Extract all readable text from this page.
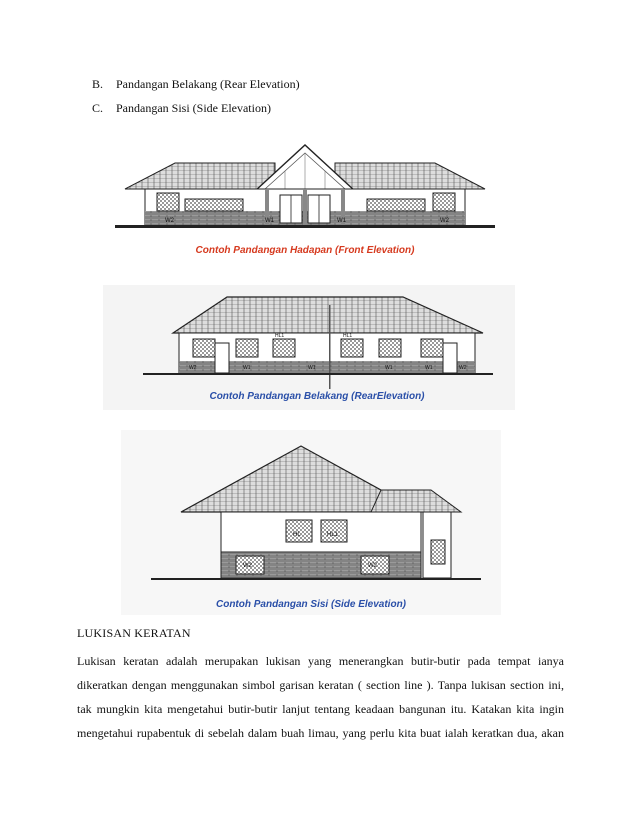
B. Pandangan Belakang (Rear Elevation)
C. Pandangan Sisi (Side Elevation)
W2	W1	W1	W2
Contoh Pandangan Hadapan (Front Elevation)
HL1	HL1
W2	W1	W1	W1	W1	W2
Contoh Pandangan Belakang (RearElevation)
HL	HL1
W2	W2
Contoh Pandangan Sisi (Side Elevation)
LUKISAN KERATAN
Lukisan keratan adalah merupakan lukisan yang menerangkan butir-butir pada tempat ianya
dikeratkan dengan menggunakan simbol garisan keratan ( section line ). Tanpa lukisan section ini,
tak mungkin kita mengetahui butir-butir lanjut tentang keadaan bangunan itu. Katakan kita ingin
mengetahui rupabentuk di sebelah dalam buah limau, yang perlu kita buat ialah keratkan dua, akan
